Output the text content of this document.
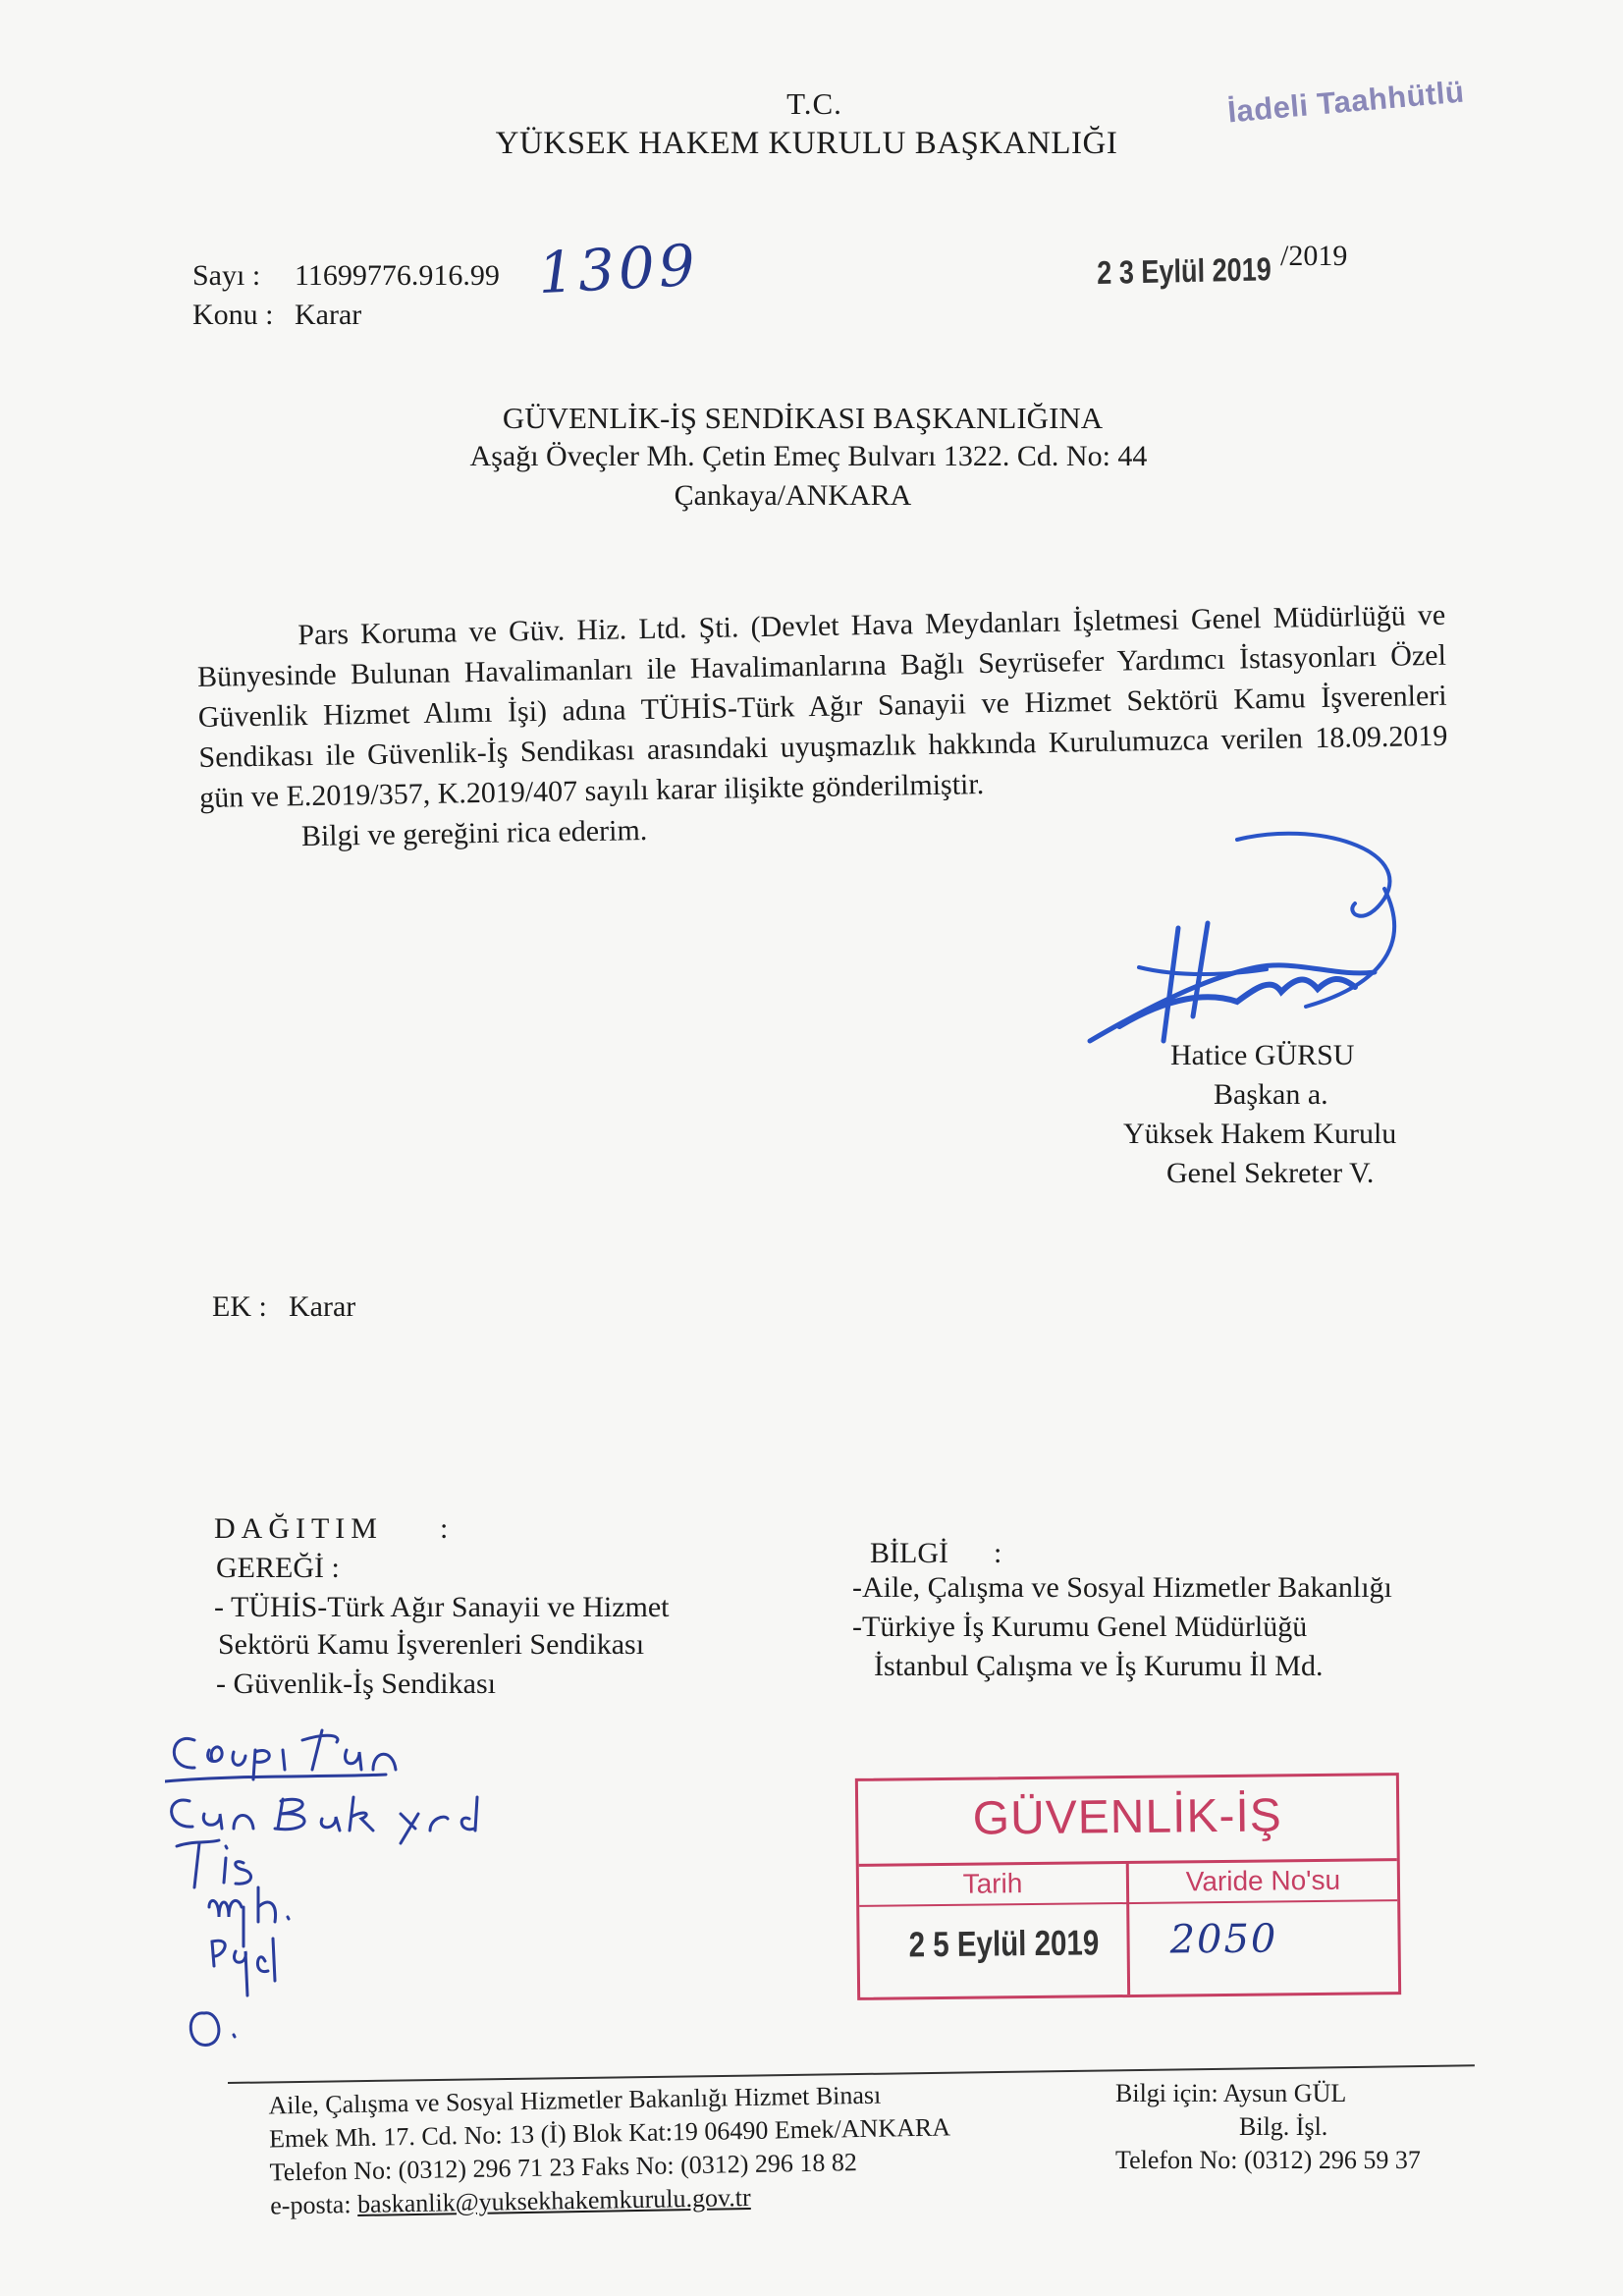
T.C.
YÜKSEK HAKEM KURULU BAŞKANLIĞI
İadeli Taahhütlü
Sayı : 11699776.916.99 1309
Konu : Karar
2 3 Eylül 2019 /2019
GÜVENLİK-İŞ SENDİKASI BAŞKANLIĞINA
Aşağı Öveçler Mh. Çetin Emeç Bulvarı 1322. Cd. No: 44
Çankaya/ANKARA

Pars Koruma ve Güv. Hiz. Ltd. Şti. (Devlet Hava Meydanları İşletmesi Genel Müdürlüğü ve Bünyesinde Bulunan Havalimanları ile Havalimanlarına Bağlı Seyrüsefer Yardımcı İstasyonları Özel Güvenlik Hizmet Alımı İşi) adına TÜHİS-Türk Ağır Sanayii ve Hizmet Sektörü Kamu İşverenleri Sendikası ile Güvenlik-İş Sendikası arasındaki uyuşmazlık hakkında Kurulumuzca verilen 18.09.2019 gün ve E.2019/357, K.2019/407 sayılı karar ilişikte gönderilmiştir.

Bilgi ve gereğini rica ederim.

Hatice GÜRSU
Başkan a.
Yüksek Hakem Kurulu
Genel Sekreter V.
EK : Karar
DAĞITIM :
GEREĞİ :
- TÜHİS-Türk Ağır Sanayii ve Hizmet
Sektörü Kamu İşverenleri Sendikası
- Güvenlik-İş Sendikası
BİLGİ :
-Aile, Çalışma ve Sosyal Hizmetler Bakanlığı
-Türkiye İş Kurumu Genel Müdürlüğü
İstanbul Çalışma ve İş Kurumu İl Md.
GÜVENLİK-İŞ
Tarih	Varide No'su
2 5 Eylül 2019 2050
Aile, Çalışma ve Sosyal Hizmetler Bakanlığı Hizmet Binası
Emek Mh. 17. Cd. No: 13 (İ) Blok Kat:19 06490 Emek/ANKARA
Telefon No: (0312) 296 71 23 Faks No: (0312) 296 18 82
e-posta: baskanlik@yuksekhakemkurulu.gov.tr
Bilgi için: Aysun GÜL
Bilg. İşl.
Telefon No: (0312) 296 59 37
